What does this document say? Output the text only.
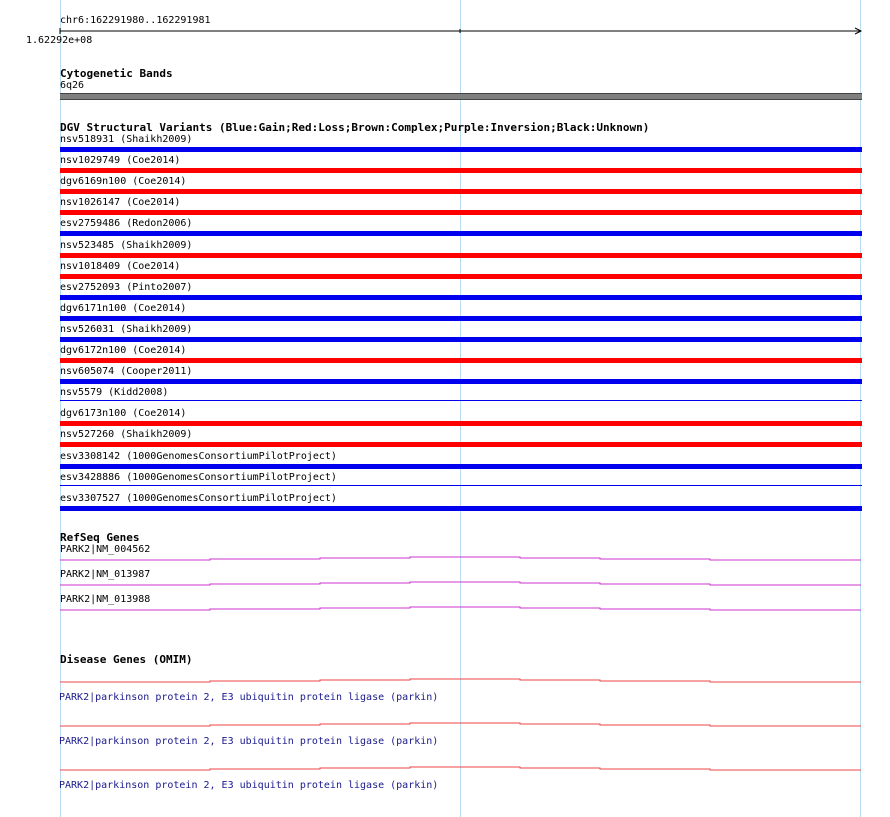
chr6:162291980..162291981
1.62292e+08
Cytogenetic Bands
6q26
DGV Structural Variants (Blue:Gain;Red:Loss;Brown:Complex;Purple:Inversion;Black:Unknown)
nsv518931 (Shaikh2009)
nsv1029749 (Coe2014)
dgv6169n100 (Coe2014)
nsv1026147 (Coe2014)
esv2759486 (Redon2006)
nsv523485 (Shaikh2009)
nsv1018409 (Coe2014)
esv2752093 (Pinto2007)
dgv6171n100 (Coe2014)
nsv526031 (Shaikh2009)
dgv6172n100 (Coe2014)
nsv605074 (Cooper2011)
nsv5579 (Kidd2008)
dgv6173n100 (Coe2014)
nsv527260 (Shaikh2009)
esv3308142 (1000GenomesConsortiumPilotProject)
esv3428886 (1000GenomesConsortiumPilotProject)
esv3307527 (1000GenomesConsortiumPilotProject)
RefSeq Genes
PARK2|NM_004562
PARK2|NM_013987
PARK2|NM_013988
Disease Genes (OMIM)
PARK2|parkinson protein 2, E3 ubiquitin protein ligase (parkin)
PARK2|parkinson protein 2, E3 ubiquitin protein ligase (parkin)
PARK2|parkinson protein 2, E3 ubiquitin protein ligase (parkin)
